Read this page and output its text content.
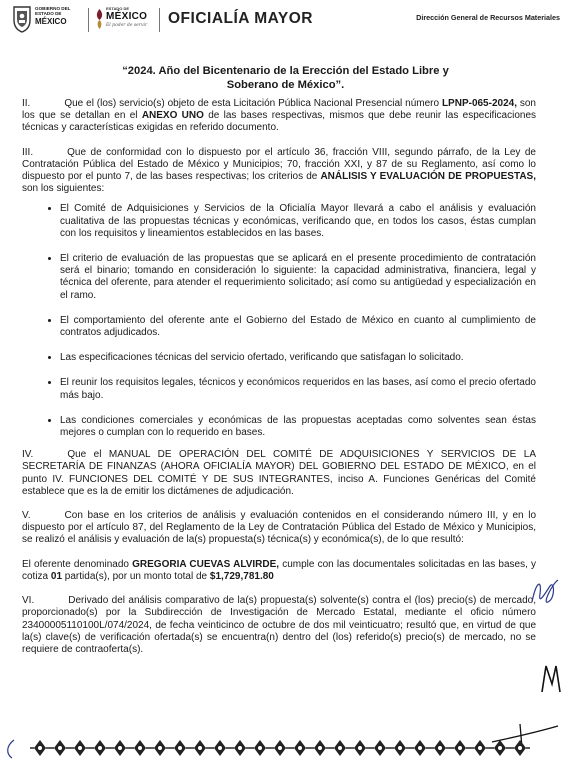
GOBIERNO DEL
ESTADO DE
MÉXICO
ESTADO DE
MÉXICO
El poder de servir OFICIALÍA MAYOR	Dirección General de Recursos Materiales
“2024. Año del Bicentenario de la Erección del Estado Libre y
Soberano de México”.

II.	Que el (los) servicio(s) objeto de esta Licitación Pública Nacional Presencial número LPNP-065-2024, son los que se detallan en el ANEXO UNO de las bases respectivas, mismos que debe reunir las especificaciones técnicas y características exigidas en referido documento.

III.	Que de conformidad con lo dispuesto por el artículo 36, fracción VIII, segundo párrafo, de la Ley de Contratación Pública del Estado de México y Municipios; 70, fracción XXI, y 87 de su Reglamento, así como lo dispuesto por el punto 7, de las bases respectivas; los criterios de ANÁLISIS Y EVALUACIÓN DE PROPUESTAS, son los siguientes:

• El Comité de Adquisiciones y Servicios de la Oficialía Mayor llevará a cabo el análisis y evaluación cualitativa de las propuestas técnicas y económicas, verificando que, en todos los casos, éstas cumplan con los requisitos y lineamientos establecidos en las bases.
• El criterio de evaluación de las propuestas que se aplicará en el presente procedimiento de contratación será el binario; tomando en consideración lo siguiente: la capacidad administrativa, financiera, legal y técnica del oferente, para atender el requerimiento solicitado; así como su antigüedad y especialización en el ramo.
• El comportamiento del oferente ante el Gobierno del Estado de México en cuanto al cumplimiento de contratos adjudicados.
• Las especificaciones técnicas del servicio ofertado, verificando que satisfagan lo solicitado.
• El reunir los requisitos legales, técnicos y económicos requeridos en las bases, así como el precio ofertado más bajo.
• Las condiciones comerciales y económicas de las propuestas aceptadas como solventes sean éstas mejores o cumplan con lo requerido en bases.

IV.	Que el MANUAL DE OPERACIÓN DEL COMITÉ DE ADQUISICIONES Y SERVICIOS DE LA SECRETARÍA DE FINANZAS (AHORA OFICIALÍA MAYOR) DEL GOBIERNO DEL ESTADO DE MÉXICO, en el punto IV. FUNCIONES DEL COMITÉ Y DE SUS INTEGRANTES, inciso A. Funciones Genéricas del Comité establece que es la de emitir los dictámenes de adjudicación.

V.	Con base en los criterios de análisis y evaluación contenidos en el considerando número III, y en lo dispuesto por el artículo 87, del Reglamento de la Ley de Contratación Pública del Estado de México y Municipios, se realizó el análisis y evaluación de la(s) propuesta(s) técnica(s) y económica(s), de lo que resultó:

El oferente denominado GREGORIA CUEVAS ALVIRDE, cumple con las documentales solicitadas en las bases, y cotiza 01 partida(s), por un monto total de $1,729,781.80

VI.	Derivado del análisis comparativo de la(s) propuesta(s) solvente(s) contra el (los) precio(s) de mercado, proporcionado(s) por la Subdirección de Investigación de Mercado Estatal, mediante el oficio número 23400005110100L/074/2024, de fecha veinticinco de octubre de dos mil veinticuatro; resultó que, en virtud de que la(s) clave(s) de verificación ofertada(s) se encuentra(n) dentro del (los) referido(s) precio(s) de mercado, no se requiere de contraoferta(s).
